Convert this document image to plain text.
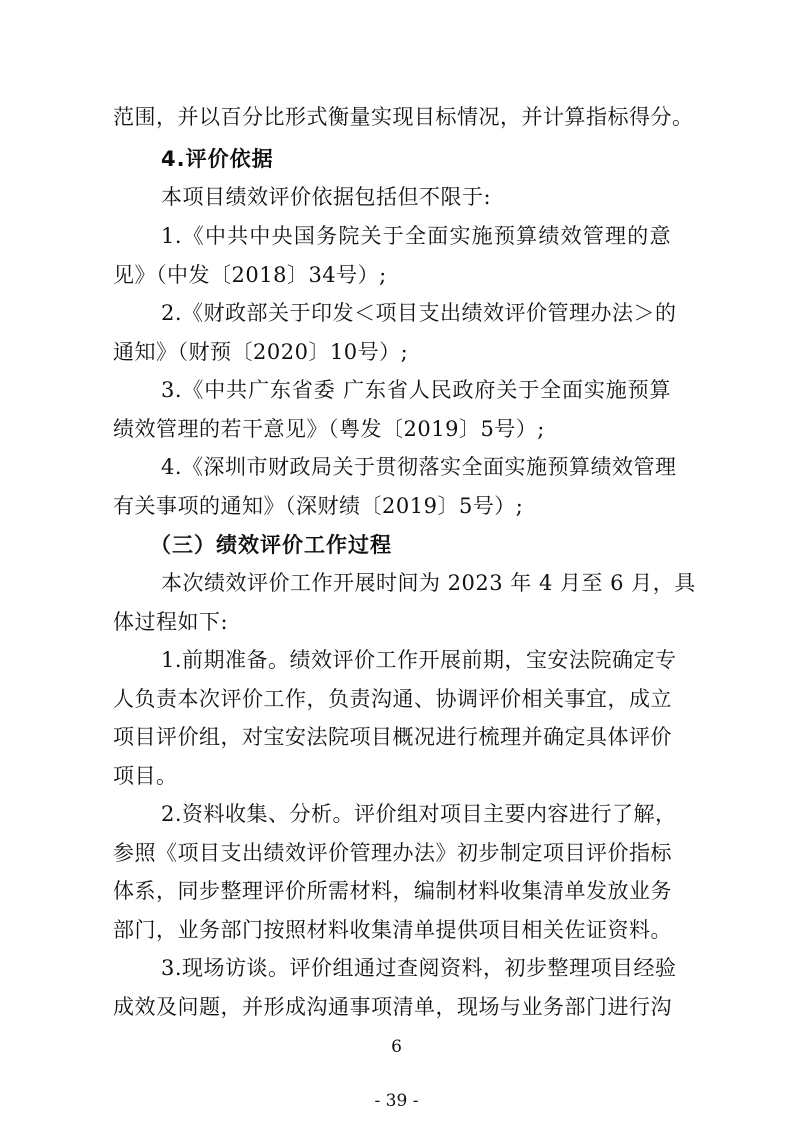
范围，并以百分比形式衡量实现目标情况，并计算指标得分。
4.评价依据
本项目绩效评价依据包括但不限于:
1.《中共中央国务院关于全面实施预算绩效管理的意
见》（中发〔2018〕34号）;
2.《财政部关于印发＜项目支出绩效评价管理办法＞的
通知》（财预〔2020〕10号）;
3.《中共广东省委 广东省人民政府关于全面实施预算
绩效管理的若干意见》（粤发〔2019〕5号）;
4.《深圳市财政局关于贯彻落实全面实施预算绩效管理
有关事项的通知》（深财绩〔2019〕5号）;
（三）绩效评价工作过程
本次绩效评价工作开展时间为 2023 年 4 月至 6 月，具
体过程如下:
1.前期准备。绩效评价工作开展前期，宝安法院确定专
人负责本次评价工作，负责沟通、协调评价相关事宜，成立
项目评价组，对宝安法院项目概况进行梳理并确定具体评价
项目。
2.资料收集、分析。评价组对项目主要内容进行了解，
参照《项目支出绩效评价管理办法》初步制定项目评价指标
体系，同步整理评价所需材料，编制材料收集清单发放业务
部门，业务部门按照材料收集清单提供项目相关佐证资料。
3.现场访谈。评价组通过查阅资料，初步整理项目经验
成效及问题，并形成沟通事项清单，现场与业务部门进行沟
6
- 39 -
